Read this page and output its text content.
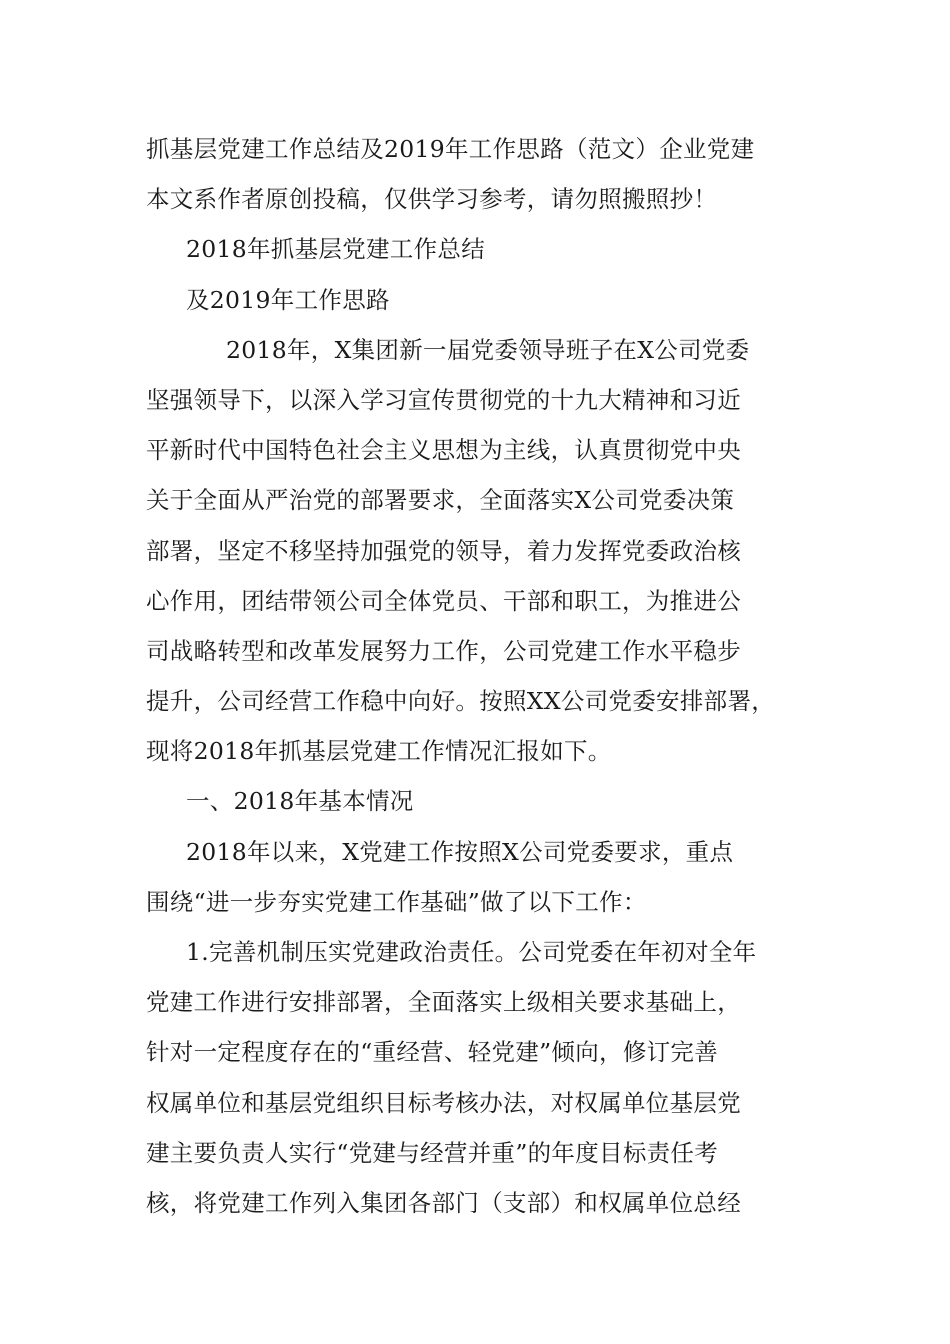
抓基层党建工作总结及2019年工作思路（范文）企业党建
本文系作者原创投稿，仅供学习参考，请勿照搬照抄！
2018年抓基层党建工作总结
及2019年工作思路
2018年，X集团新一届党委领导班子在X公司党委
坚强领导下，以深入学习宣传贯彻党的十九大精神和习近
平新时代中国特色社会主义思想为主线，认真贯彻党中央
关于全面从严治党的部署要求，全面落实X公司党委决策
部署，坚定不移坚持加强党的领导，着力发挥党委政治核
心作用，团结带领公司全体党员、干部和职工，为推进公
司战略转型和改革发展努力工作，公司党建工作水平稳步
提升，公司经营工作稳中向好。按照XX公司党委安排部署，
现将2018年抓基层党建工作情况汇报如下。
一、2018年基本情况
2018年以来，X党建工作按照X公司党委要求，重点
围绕“进一步夯实党建工作基础”做了以下工作：
1.完善机制压实党建政治责任。公司党委在年初对全年
党建工作进行安排部署，全面落实上级相关要求基础上，
针对一定程度存在的“重经营、轻党建”倾向，修订完善
权属单位和基层党组织目标考核办法，对权属单位基层党
建主要负责人实行“党建与经营并重”的年度目标责任考
核，将党建工作列入集团各部门（支部）和权属单位总经
